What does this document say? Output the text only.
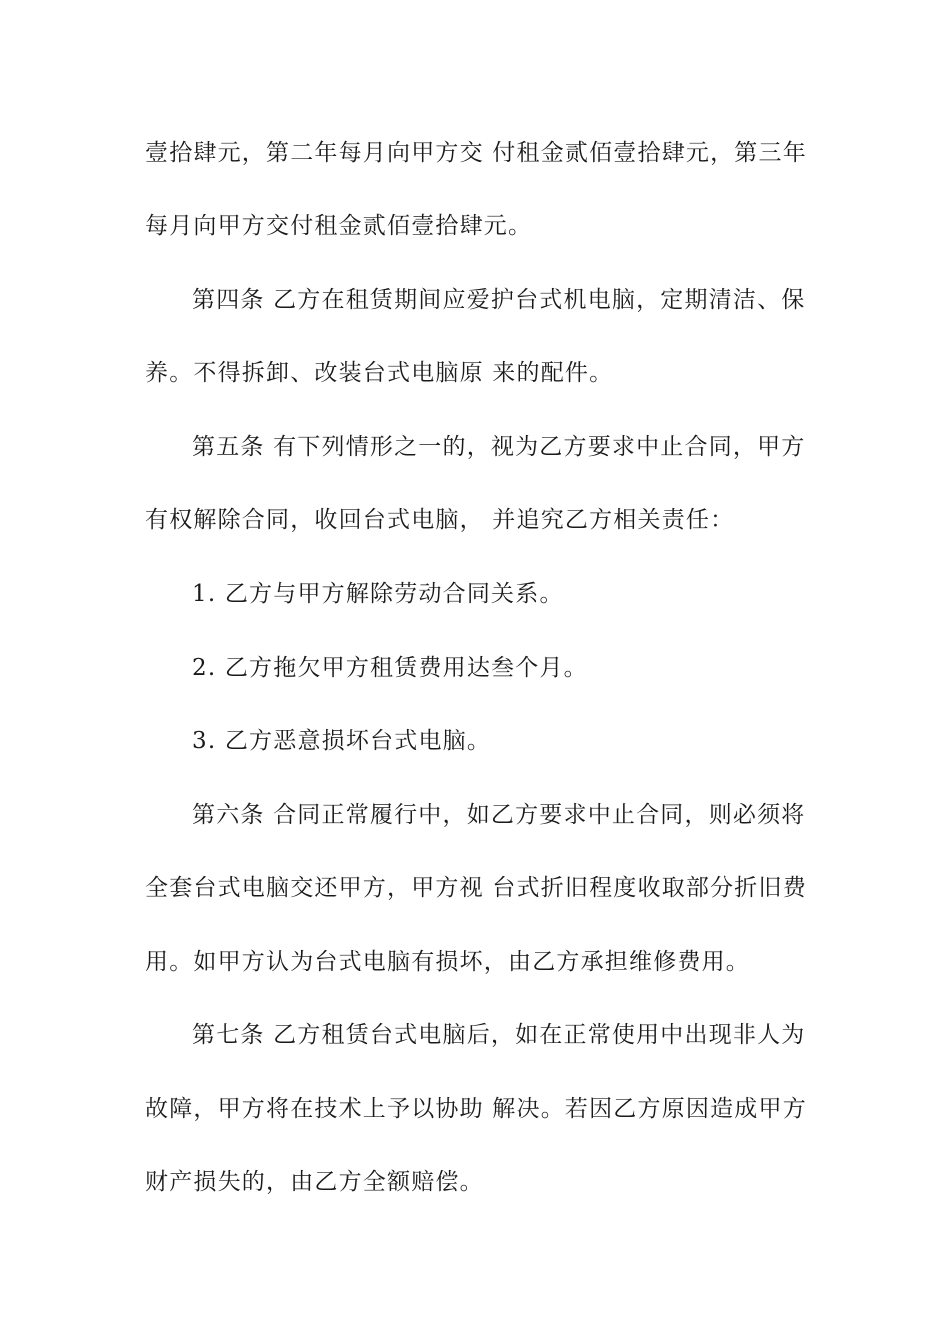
壹拾肆元，第二年每月向甲方交 付租金贰佰壹拾肆元，第三年
每月向甲方交付租金贰佰壹拾肆元。
第四条 乙方在租赁期间应爱护台式机电脑，定期清洁、保
养。不得拆卸、改装台式电脑原 来的配件。
第五条 有下列情形之一的，视为乙方要求中止合同，甲方
有权解除合同，收回台式电脑， 并追究乙方相关责任：
1. 乙方与甲方解除劳动合同关系。
2. 乙方拖欠甲方租赁费用达叁个月。
3. 乙方恶意损坏台式电脑。
第六条 合同正常履行中，如乙方要求中止合同，则必须将
全套台式电脑交还甲方，甲方视 台式折旧程度收取部分折旧费
用。如甲方认为台式电脑有损坏，由乙方承担维修费用。
第七条 乙方租赁台式电脑后，如在正常使用中出现非人为
故障，甲方将在技术上予以协助 解决。若因乙方原因造成甲方
财产损失的，由乙方全额赔偿。
